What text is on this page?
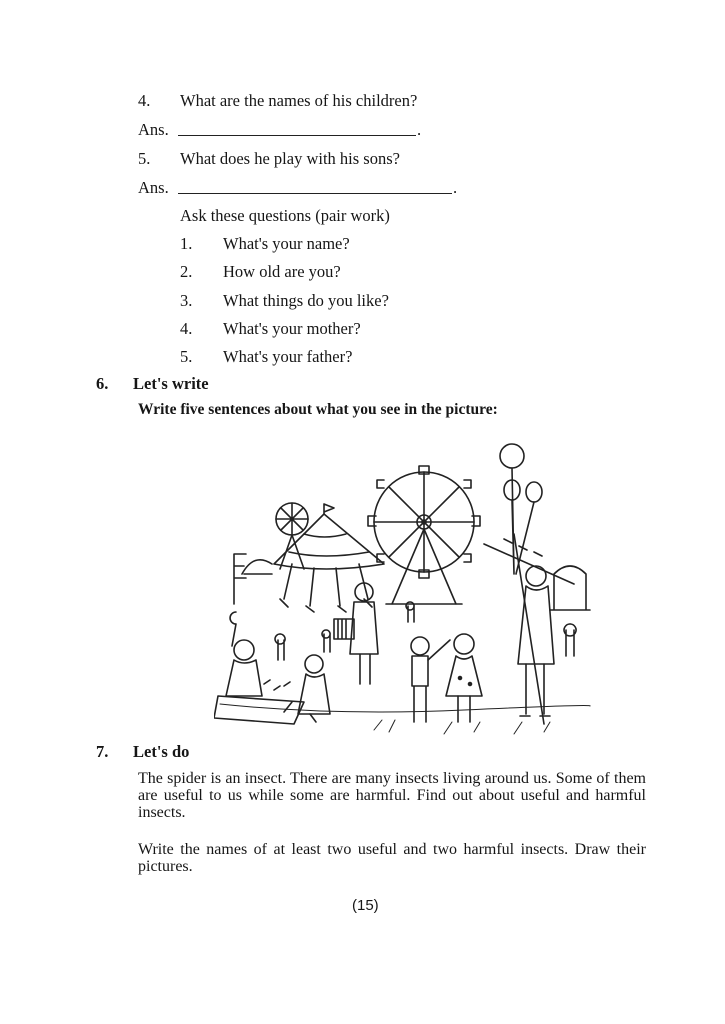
4. What are the names of his children?
Ans.	.
5. What does he play with his sons?
Ans.	.
Ask these questions (pair work)
1. What's your name?
2. How old are you?
3. What things do you like?
4. What's your mother?
5. What's your father?
6. Let's write
Write five sentences about what you see in the picture:
7. Let's do

The spider is an insect. There are many insects living around us. Some of them are useful to us while some are harmful. Find out about useful and harmful insects.

Write the names of at least two useful and two harmful insects. Draw their pictures.

(15)
